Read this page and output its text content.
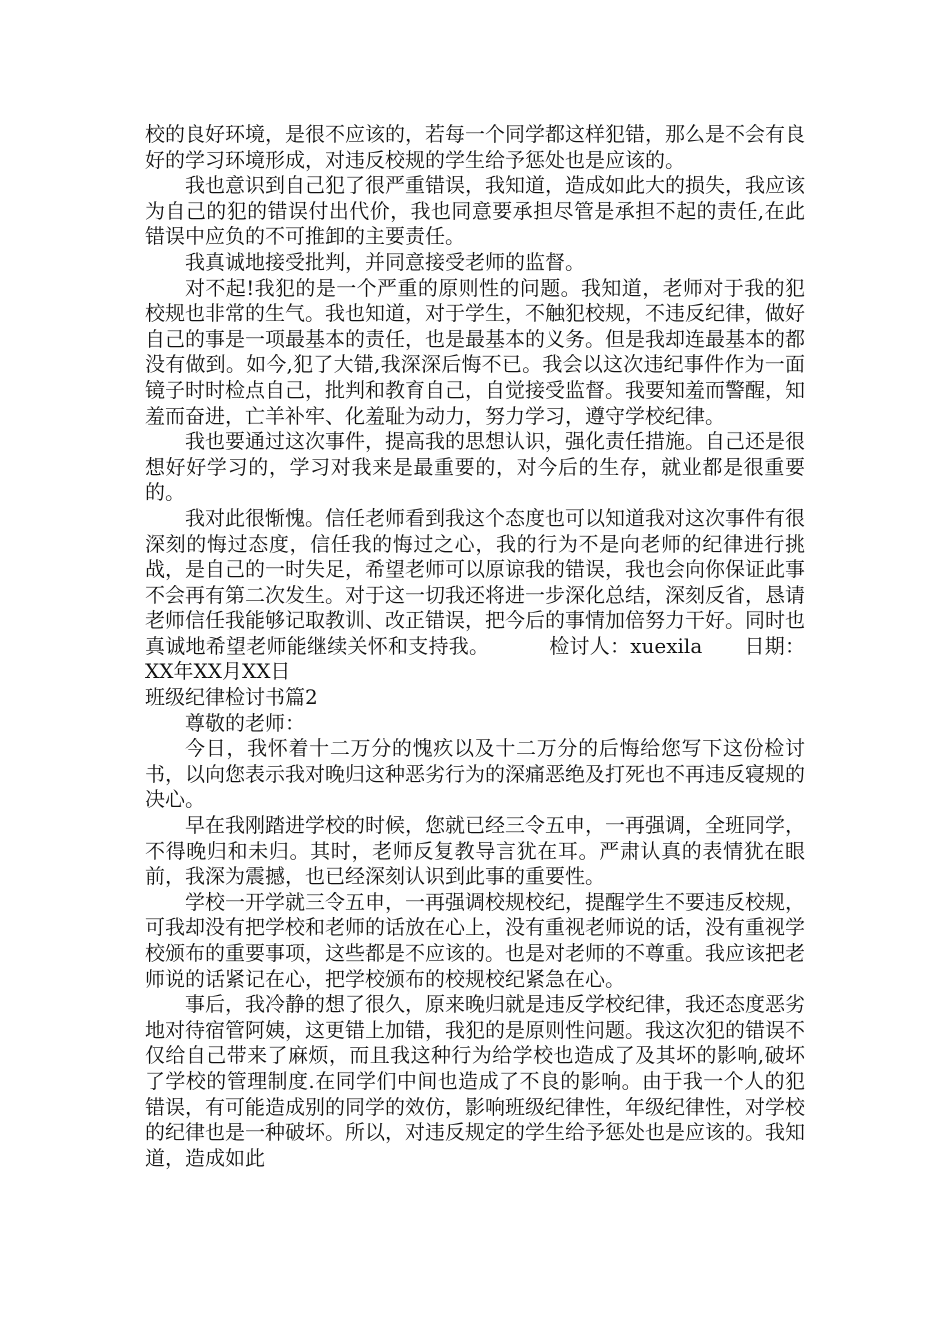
校的良好环境，是很不应该的，若每一个同学都这样犯错，那么是不会有良好的学习环境形成，对违反校规的学生给予惩处也是应该的。

我也意识到自己犯了很严重错误，我知道，造成如此大的损失，我应该为自己的犯的错误付出代价，我也同意要承担尽管是承担不起的责任,在此错误中应负的不可推卸的主要责任。

我真诚地接受批判，并同意接受老师的监督。

对不起!我犯的是一个严重的原则性的问题。我知道，老师对于我的犯校规也非常的生气。我也知道，对于学生，不触犯校规，不违反纪律，做好自己的事是一项最基本的责任，也是最基本的义务。但是我却连最基本的都没有做到。如今,犯了大错,我深深后悔不已。我会以这次违纪事件作为一面镜子时时检点自己，批判和教育自己，自觉接受监督。我要知羞而警醒，知羞而奋进，亡羊补牢、化羞耻为动力，努力学习，遵守学校纪律。

我也要通过这次事件，提高我的思想认识，强化责任措施。自己还是很想好好学习的，学习对我来是最重要的，对今后的生存，就业都是很重要的。

我对此很惭愧。信任老师看到我这个态度也可以知道我对这次事件有很深刻的悔过态度，信任我的悔过之心，我的行为不是向老师的纪律进行挑战，是自己的一时失足，希望老师可以原谅我的错误，我也会向你保证此事不会再有第二次发生。对于这一切我还将进一步深化总结，深刻反省，恳请老师信任我能够记取教训、改正错误，把今后的事情加倍努力干好。同时也真诚地希望老师能继续关怀和支持我。	检讨人：xuexila 日期：XX年XX月XX日

班级纪律检讨书篇2

尊敬的老师：

今日，我怀着十二万分的愧疚以及十二万分的后悔给您写下这份检讨书，以向您表示我对晚归这种恶劣行为的深痛恶绝及打死也不再违反寝规的决心。

早在我刚踏进学校的时候，您就已经三令五申，一再强调，全班同学，不得晚归和未归。其时，老师反复教导言犹在耳。严肃认真的表情犹在眼前，我深为震撼，也已经深刻认识到此事的重要性。

学校一开学就三令五申，一再强调校规校纪，提醒学生不要违反校规，可我却没有把学校和老师的话放在心上，没有重视老师说的话，没有重视学校颁布的重要事项，这些都是不应该的。也是对老师的不尊重。我应该把老师说的话紧记在心，把学校颁布的校规校纪紧急在心。

事后，我冷静的想了很久，原来晚归就是违反学校纪律，我还态度恶劣地对待宿管阿姨，这更错上加错，我犯的是原则性问题。我这次犯的错误不仅给自己带来了麻烦，而且我这种行为给学校也造成了及其坏的影响,破坏了学校的管理制度.在同学们中间也造成了不良的影响。由于我一个人的犯错误，有可能造成别的同学的效仿，影响班级纪律性，年级纪律性，对学校的纪律也是一种破坏。所以，对违反规定的学生给予惩处也是应该的。我知道，造成如此
